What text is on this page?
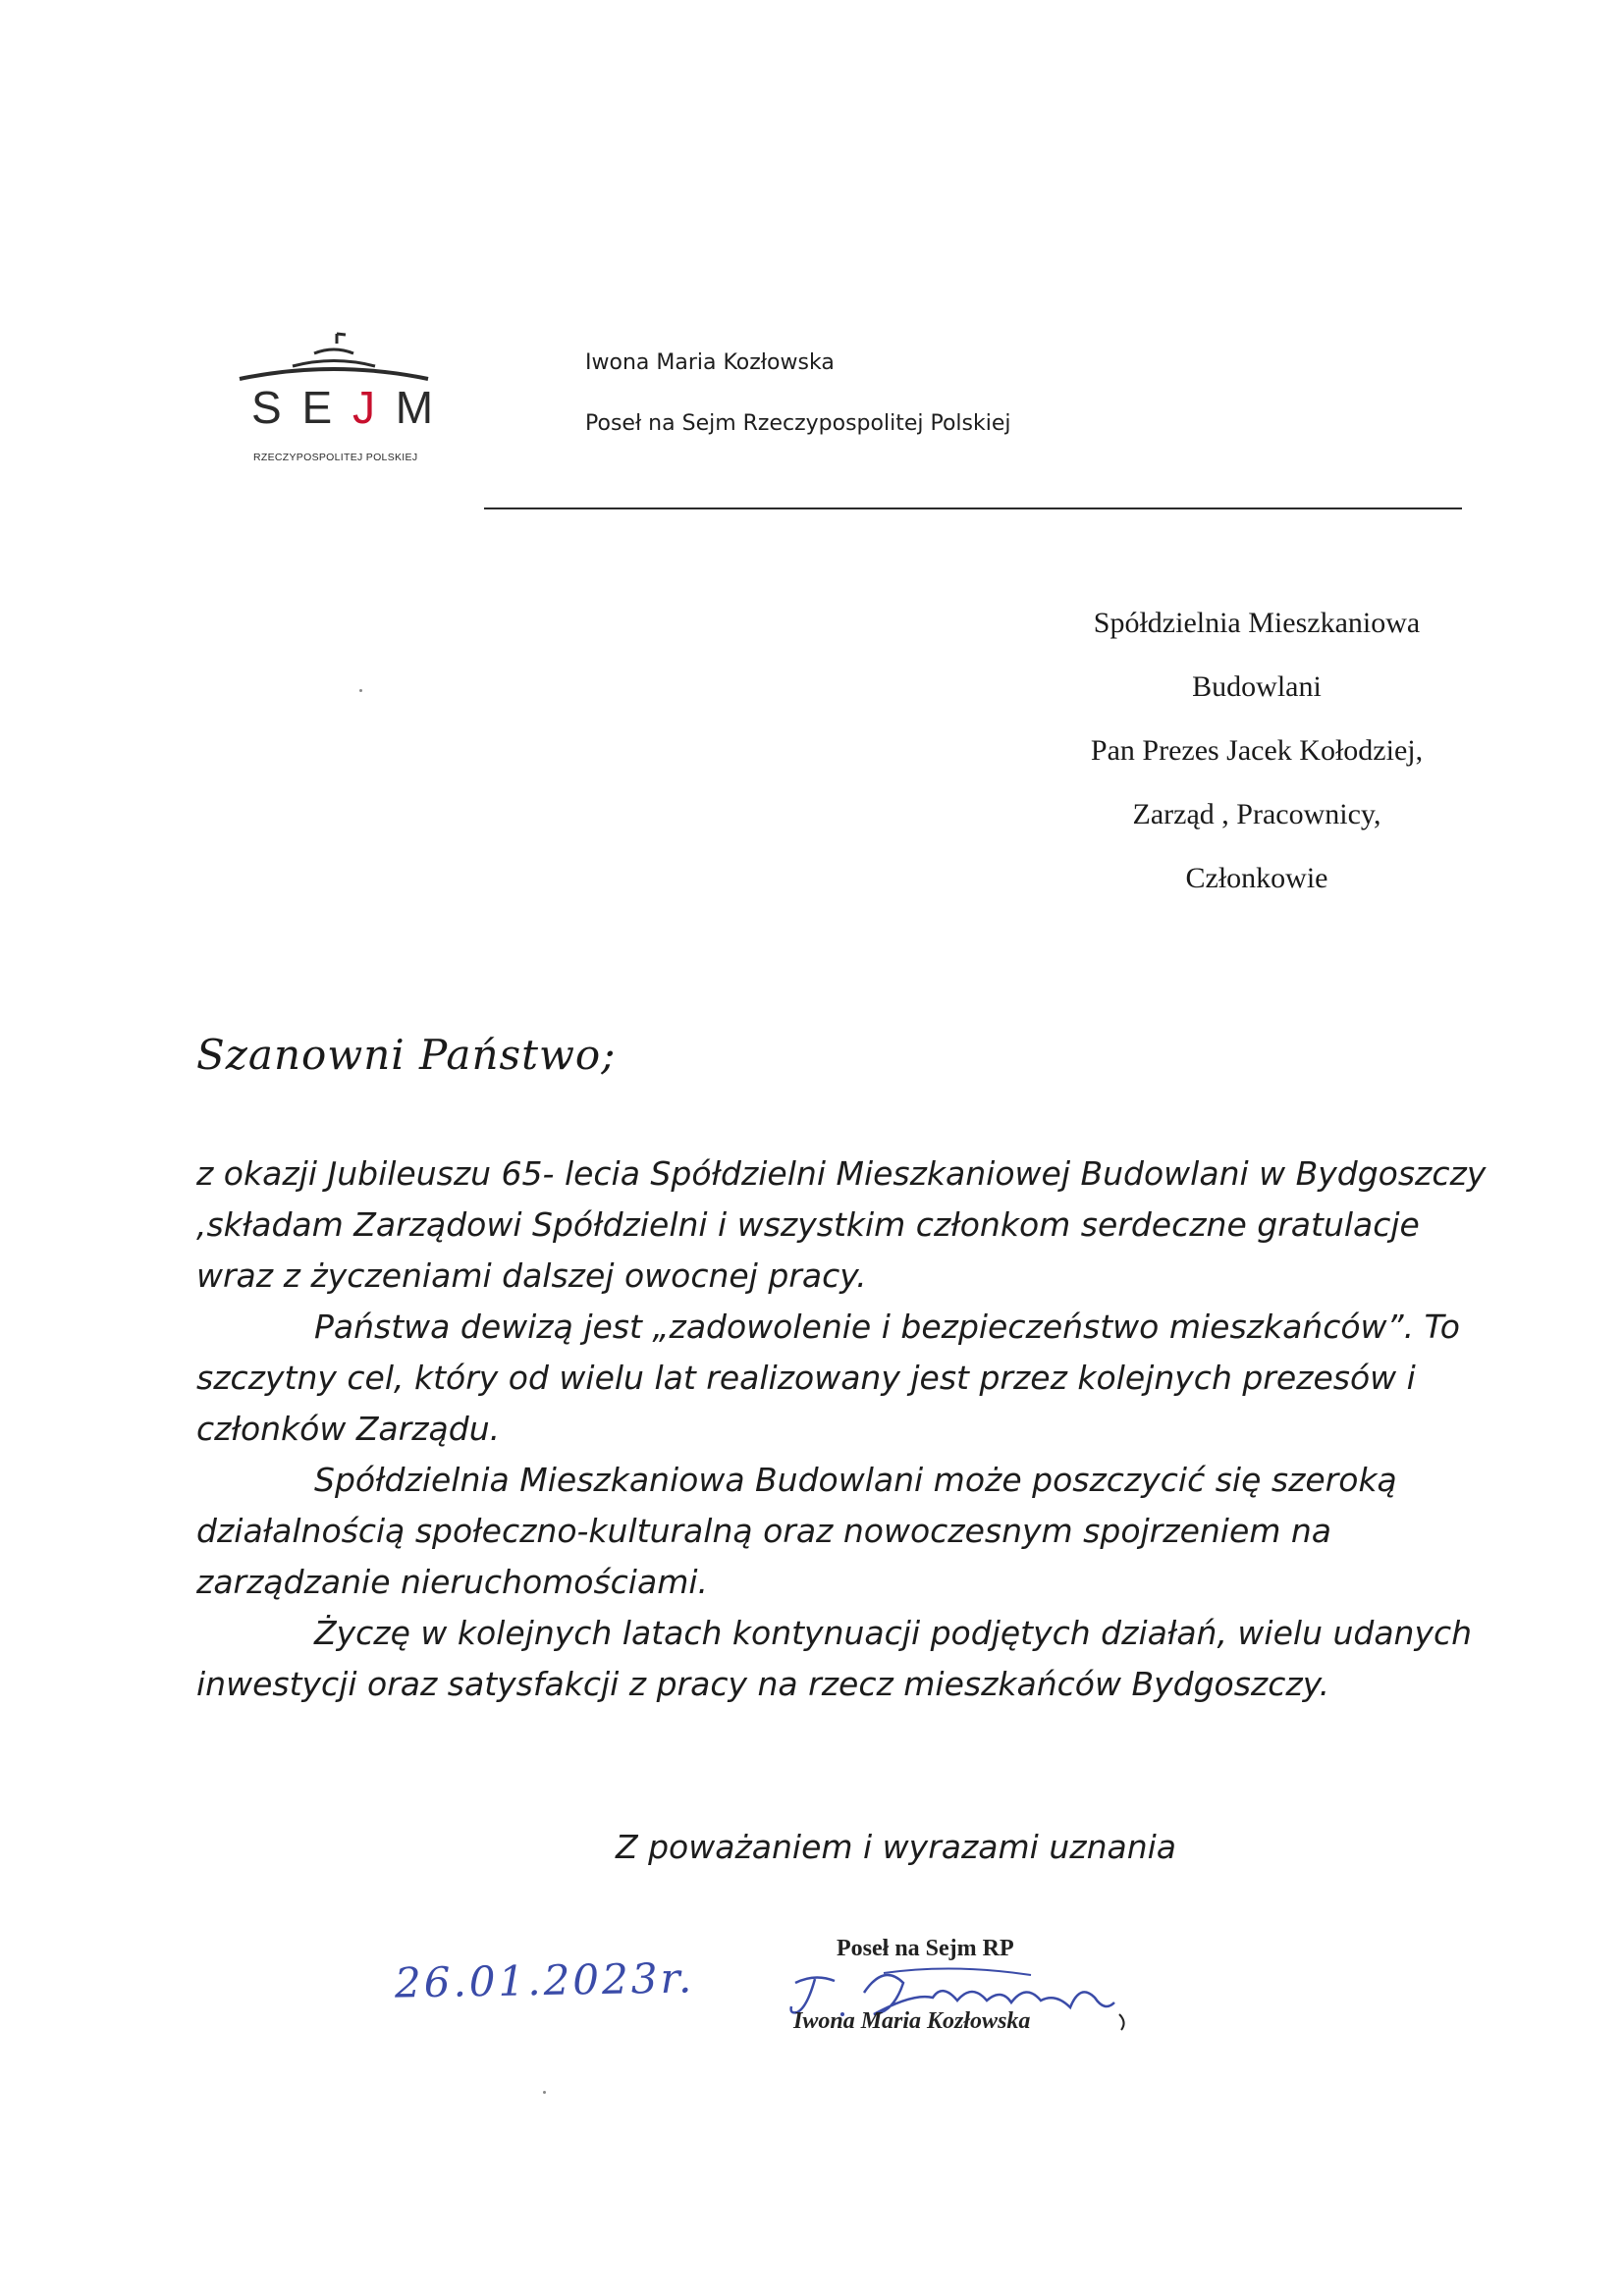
S E J M
RZECZYPOSPOLITEJ POLSKIEJ
Iwona Maria Kozłowska
Poseł na Sejm Rzeczypospolitej Polskiej
Spółdzielnia Mieszkaniowa
Budowlani
Pan Prezes Jacek Kołodziej,
Zarząd , Pracownicy,
Członkowie
Szanowni Państwo;

z okazji Jubileuszu 65- lecia Spółdzielni Mieszkaniowej Budowlani w Bydgoszczy ,składam Zarządowi Spółdzielni i wszystkim członkom serdeczne gratulacje wraz z życzeniami dalszej owocnej pracy.

Państwa dewizą jest „zadowolenie i bezpieczeństwo mieszkańców”. To szczytny cel, który od wielu lat realizowany jest przez kolejnych prezesów i członków Zarządu.

Spółdzielnia Mieszkaniowa Budowlani może poszczycić się szeroką działalnością społeczno-kulturalną oraz nowoczesnym spojrzeniem na zarządzanie nieruchomościami.

Życzę w kolejnych latach kontynuacji podjętych działań, wielu udanych inwestycji oraz satysfakcji z pracy na rzecz mieszkańców Bydgoszczy.

Z poważaniem i wyrazami uznania
26.01.2023r.
Poseł na Sejm RP
Iwona Maria Kozłowska
